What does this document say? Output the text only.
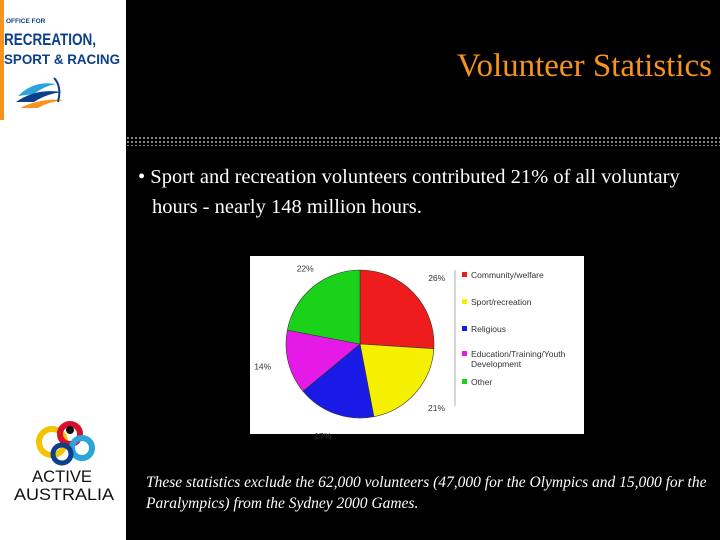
OFFICE FOR
RECREATION,
SPORT & RACING
ACTIVE
AUSTRALIA
Volunteer Statistics
• Sport and recreation volunteers contributed 21% of all voluntary hours - nearly 148 million hours.
26%
21%
17%
14%
22%
Community/welfare
Sport/recreation
Religious
Education/Training/Youth Development
Other
These statistics exclude the 62,000 volunteers (47,000 for the Olympics and 15,000 for the Paralympics) from the Sydney 2000 Games.
